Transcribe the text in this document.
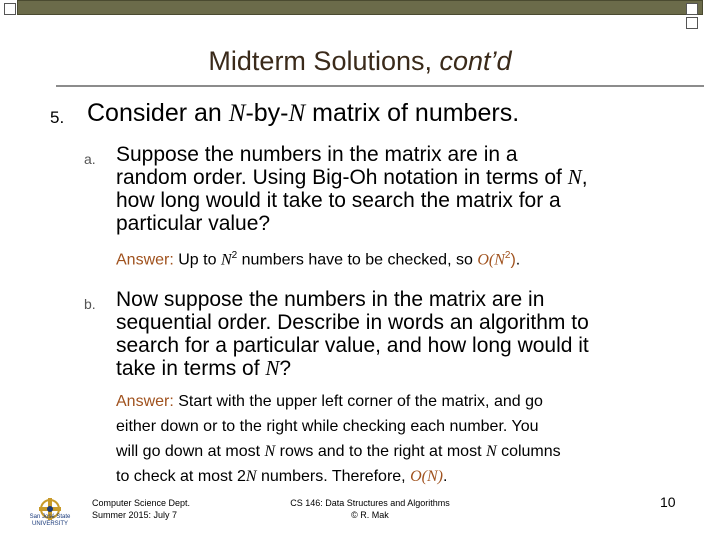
Midterm Solutions, cont’d
5. Consider an N-by-N matrix of numbers.
a. Suppose the numbers in the matrix are in a
random order. Using Big-Oh notation in terms of N,
how long would it take to search the matrix for a
particular value?
Answer: Up to $N^2$ numbers have to be checked, so $O(N^2)$.
b. Now suppose the numbers in the matrix are in
sequential order. Describe in words an algorithm to
search for a particular value, and how long would it
take in terms of N?
Answer: Start with the upper left corner of the matrix, and go
either down or to the right while checking each number. You
will go down at most N rows and to the right at most N columns
to check at most 2N numbers. Therefore, O(N).
San José State
UNIVERSITY
Computer Science Dept.
Summer 2015: July 7
CS 146: Data Structures and Algorithms
© R. Mak
10
